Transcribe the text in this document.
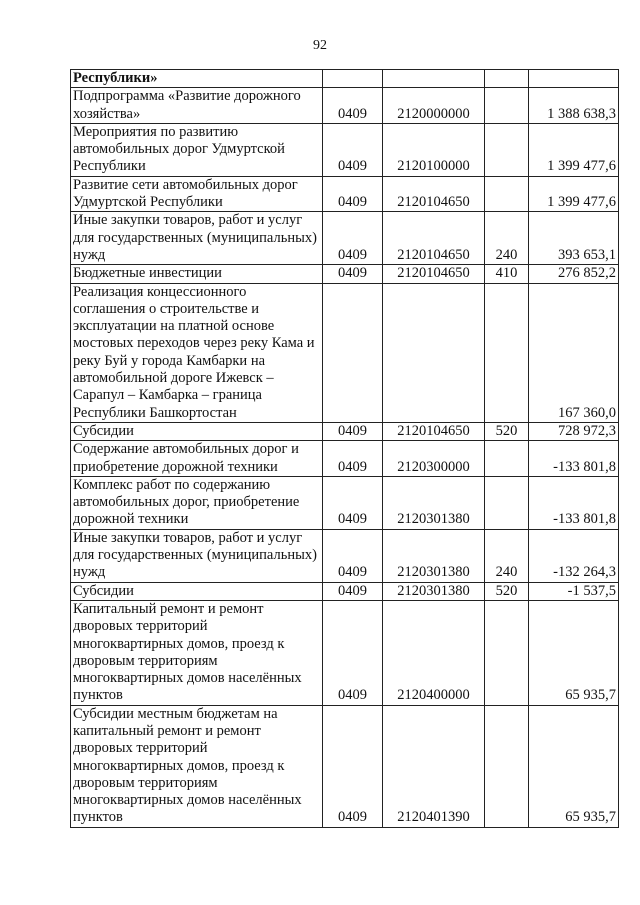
92
Республики»				
Подпрограмма «Развитие дорожного хозяйства»	0409	2120000000		1 388 638,3
Мероприятия по развитию автомобильных дорог Удмуртской Республики	0409	2120100000		1 399 477,6
Развитие сети автомобильных дорог Удмуртской Республики	0409	2120104650		1 399 477,6
Иные закупки товаров, работ и услуг для государственных (муниципальных) нужд	0409	2120104650	240	393 653,1
Бюджетные инвестиции	0409	2120104650	410	276 852,2
Реализация концессионного соглашения о строительстве и эксплуатации на платной основе мостовых переходов через реку Кама и реку Буй у города Камбарки на автомобильной дороге Ижевск – Сарапул – Камбарка – граница Республики Башкортостан				167 360,0
Субсидии	0409	2120104650	520	728 972,3
Содержание автомобильных дорог и приобретение дорожной техники	0409	2120300000		-133 801,8
Комплекс работ по содержанию автомобильных дорог, приобретение дорожной техники	0409	2120301380		-133 801,8
Иные закупки товаров, работ и услуг для государственных (муниципальных) нужд	0409	2120301380	240	-132 264,3
Субсидии	0409	2120301380	520	-1 537,5
Капитальный ремонт и ремонт дворовых территорий многоквартирных домов, проезд к дворовым территориям многоквартирных домов населённых пунктов	0409	2120400000		65 935,7
Субсидии местным бюджетам на капитальный ремонт и ремонт дворовых территорий многоквартирных домов, проезд к дворовым территориям многоквартирных домов населённых пунктов	0409	2120401390		65 935,7
